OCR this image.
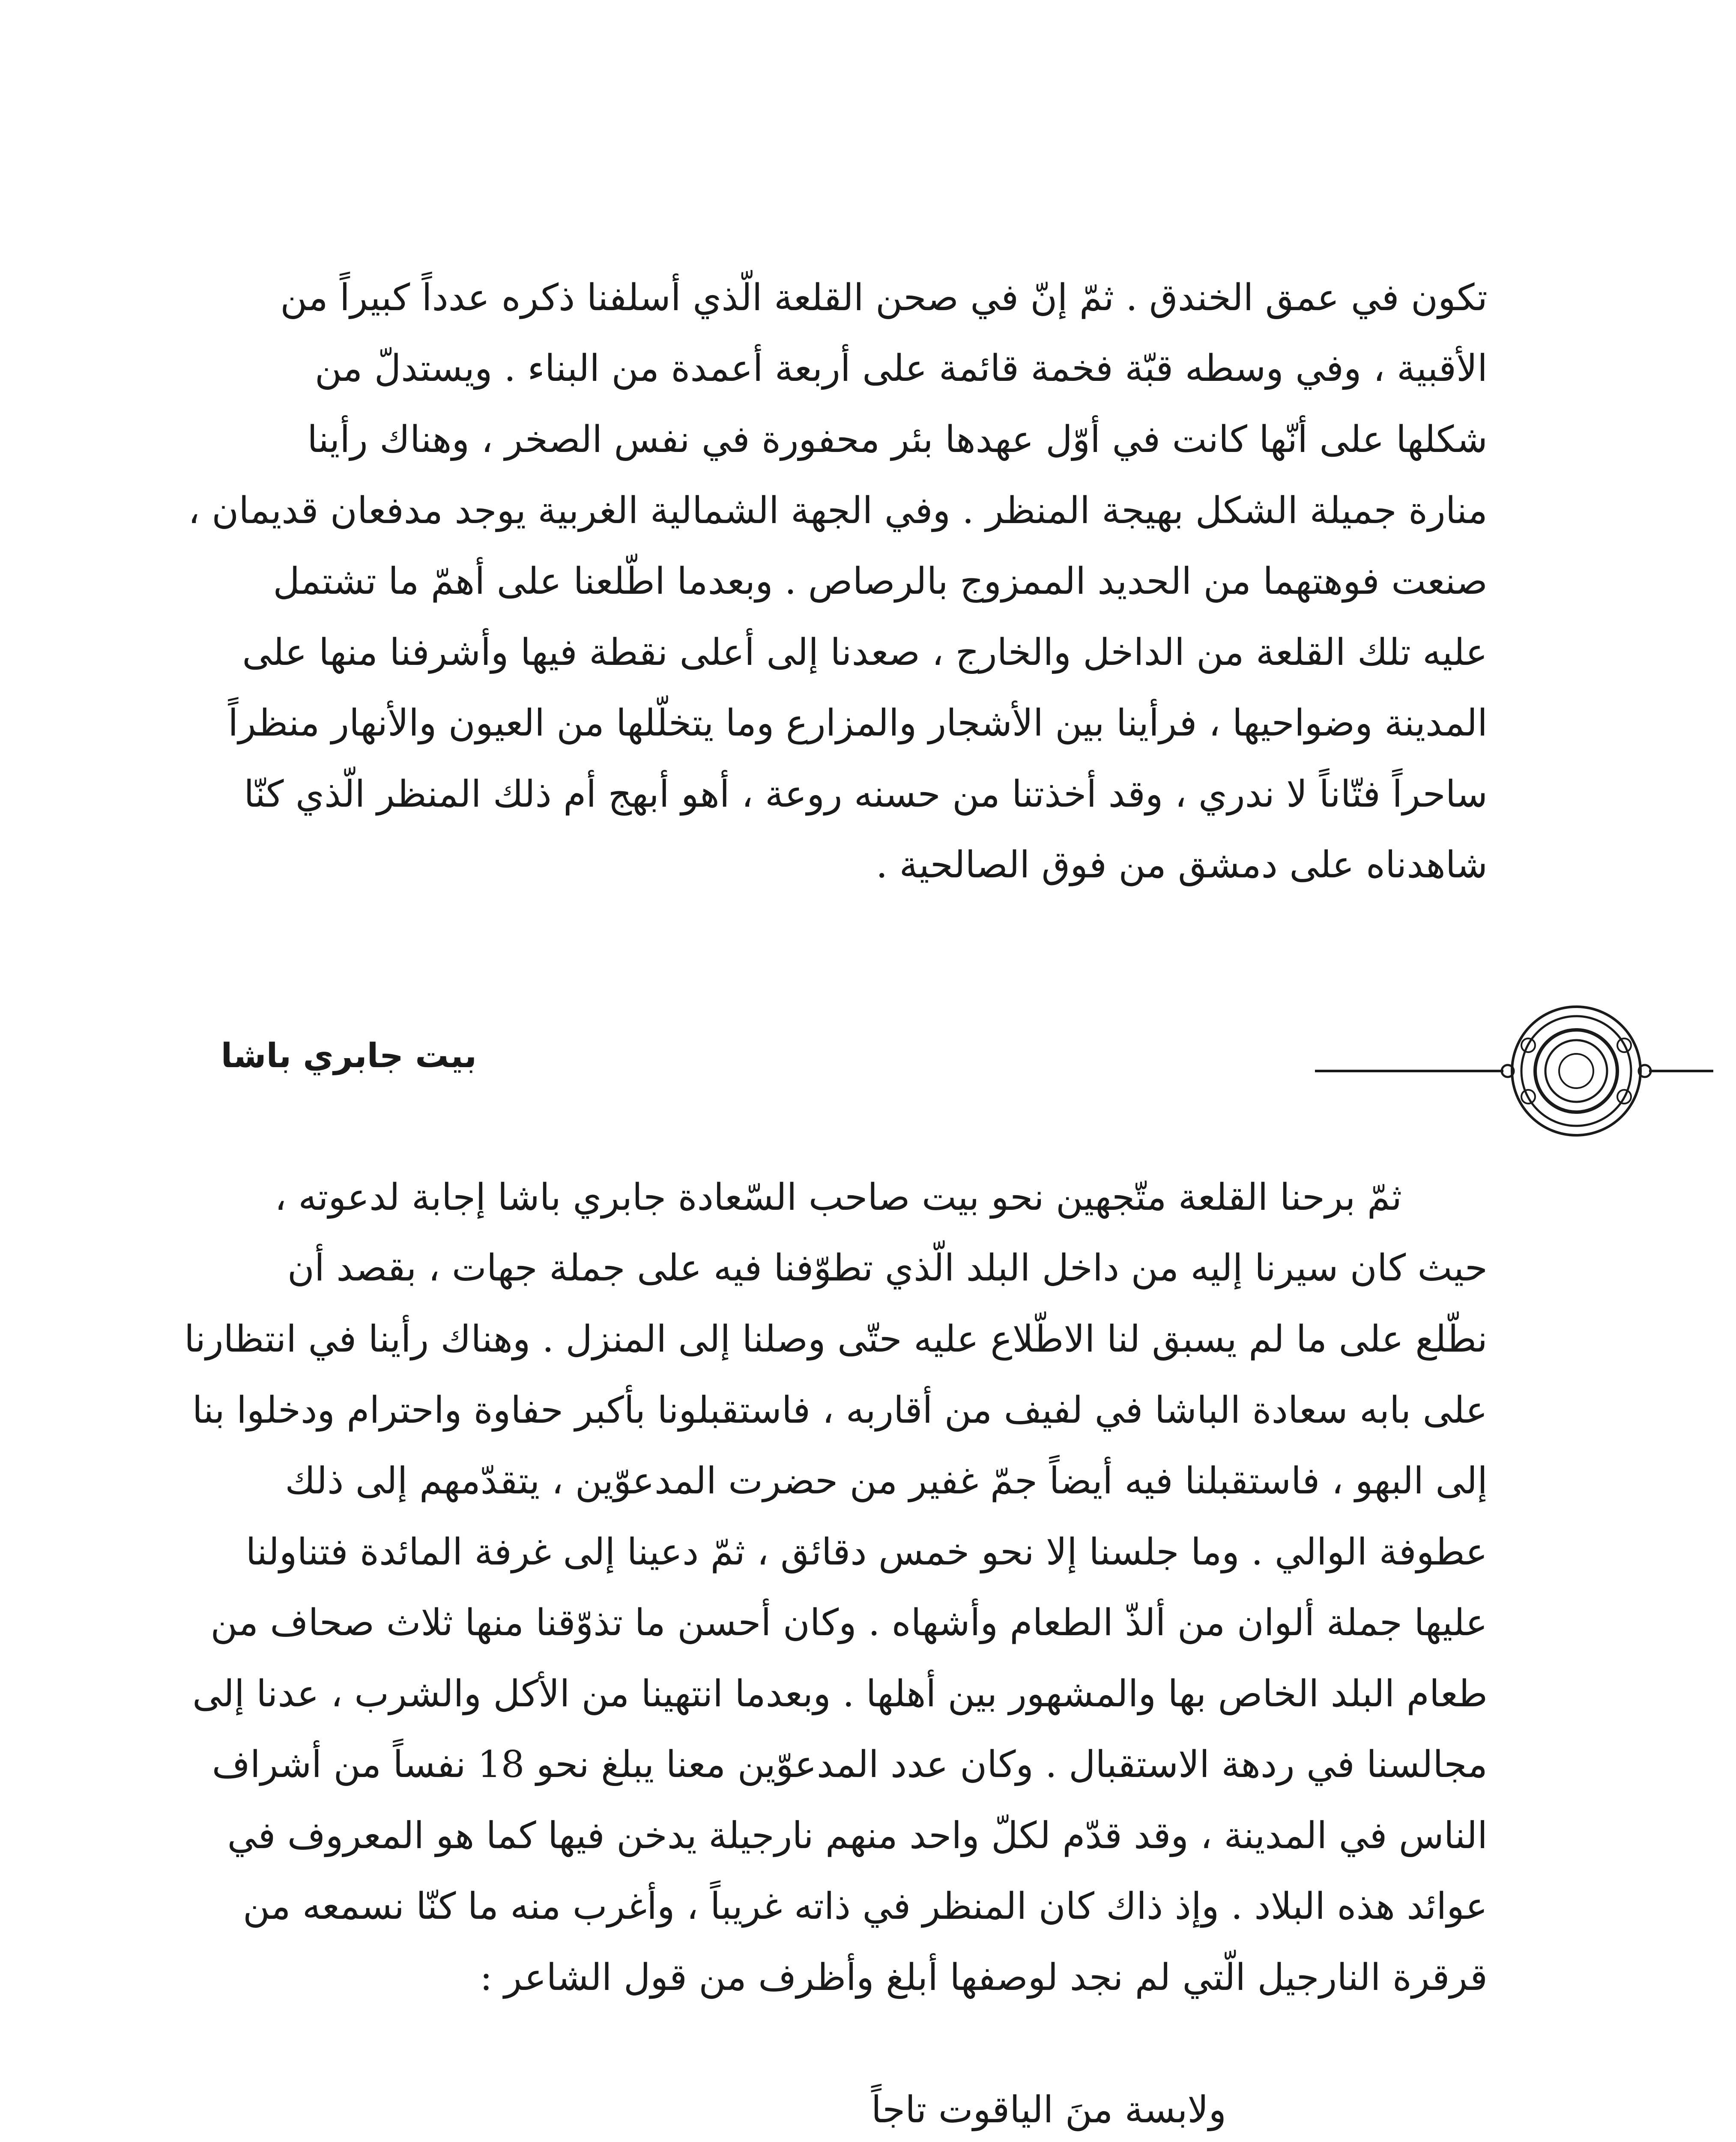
تكون في عمق الخندق . ثمّ إنّ في صحن القلعة الّذي أسلفنا ذكره عدداً كبيراً من
الأقبية ، وفي وسطه قبّة فخمة قائمة على أربعة أعمدة من البناء . ويستدلّ من
شكلها على أنّها كانت في أوّل عهدها بئر محفورة في نفس الصخر ، وهناك رأينا
منارة جميلة الشكل بهيجة المنظر . وفي الجهة الشمالية الغربية يوجد مدفعان قديمان ،
صنعت فوهتهما من الحديد الممزوج بالرصاص . وبعدما اطّلعنا على أهمّ ما تشتمل
عليه تلك القلعة من الداخل والخارج ، صعدنا إلى أعلى نقطة فيها وأشرفنا منها على
المدينة وضواحيها ، فرأينا بين الأشجار والمزارع وما يتخلّلها من العيون والأنهار منظراً
ساحراً فتّاناً لا ندري ، وقد أخذتنا من حسنه روعة ، أهو أبهج أم ذلك المنظر الّذي كنّا
شاهدناه على دمشق من فوق الصالحية .
بيت جابري باشا
ثمّ برحنا القلعة متّجهين نحو بيت صاحب السّعادة جابري باشا إجابة لدعوته ،
حيث كان سيرنا إليه من داخل البلد الّذي تطوّفنا فيه على جملة جهات ، بقصد أن
نطّلع على ما لم يسبق لنا الاطّلاع عليه حتّى وصلنا إلى المنزل . وهناك رأينا في انتظارنا
على بابه سعادة الباشا في لفيف من أقاربه ، فاستقبلونا بأكبر حفاوة واحترام ودخلوا بنا
إلى البهو ، فاستقبلنا فيه أيضاً جمّ غفير من حضرت المدعوّين ، يتقدّمهم إلى ذلك
عطوفة الوالي . وما جلسنا إلا نحو خمس دقائق ، ثمّ دعينا إلى غرفة المائدة فتناولنا
عليها جملة ألوان من ألذّ الطعام وأشهاه . وكان أحسن ما تذوّقنا منها ثلاث صحاف من
طعام البلد الخاص بها والمشهور بين أهلها . وبعدما انتهينا من الأكل والشرب ، عدنا إلى
مجالسنا في ردهة الاستقبال . وكان عدد المدعوّين معنا يبلغ نحو 18 نفساً من أشراف
الناس في المدينة ، وقد قدّم لكلّ واحد منهم نارجيلة يدخن فيها كما هو المعروف في
عوائد هذه البلاد . وإذ ذاك كان المنظر في ذاته غريباً ، وأغرب منه ما كنّا نسمعه من
قرقرة النارجيل الّتي لم نجد لوصفها أبلغ وأظرف من قول الشاعر :
ولابسة منَ الياقوت تاجاً
